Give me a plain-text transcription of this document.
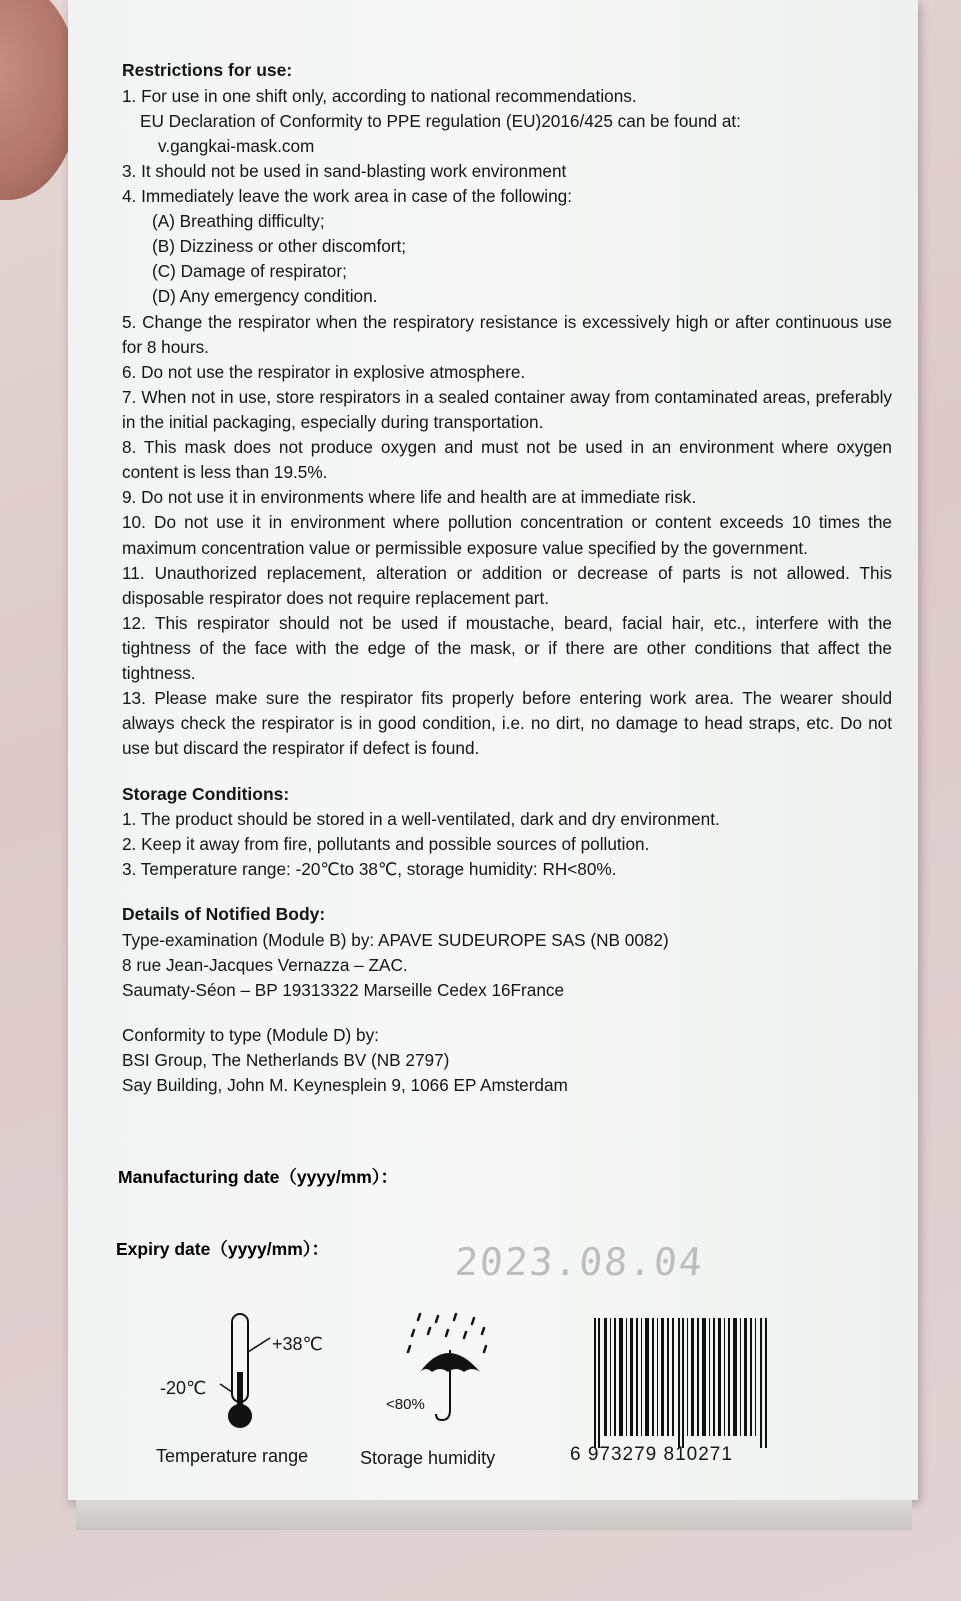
Restrictions for use:

1. For use in one shift only, according to national recommendations.

EU Declaration of Conformity to PPE regulation (EU)2016/425 can be found at:

v.gangkai-mask.com

3. It should not be used in sand-blasting work environment

4. Immediately leave the work area in case of the following:

(A) Breathing difficulty;

(B) Dizziness or other discomfort;

(C) Damage of respirator;

(D) Any emergency condition.

5. Change the respirator when the respiratory resistance is excessively high or after continuous use for 8 hours.

6. Do not use the respirator in explosive atmosphere.

7. When not in use, store respirators in a sealed container away from contaminated areas, preferably in the initial packaging, especially during transportation.

8. This mask does not produce oxygen and must not be used in an environment where oxygen content is less than 19.5%.

9. Do not use it in environments where life and health are at immediate risk.

10. Do not use it in environment where pollution concentration or content exceeds 10 times the maximum concentration value or permissible exposure value specified by the government.

11. Unauthorized replacement, alteration or addition or decrease of parts is not allowed. This disposable respirator does not require replacement part.

12. This respirator should not be used if moustache, beard, facial hair, etc., interfere with the tightness of the face with the edge of the mask, or if there are other conditions that affect the tightness.

13. Please make sure the respirator fits properly before entering work area. The wearer should always check the respirator is in good condition, i.e. no dirt, no damage to head straps, etc. Do not use but discard the respirator if defect is found.

Storage Conditions:

1. The product should be stored in a well-ventilated, dark and dry environment.

2. Keep it away from fire, pollutants and possible sources of pollution.

3. Temperature range: -20℃to 38℃, storage humidity: RH<80%.

Details of Notified Body:

Type-examination (Module B) by: APAVE SUDEUROPE SAS (NB 0082)

8 rue Jean-Jacques Vernazza – ZAC.

Saumaty-Séon – BP 19313322 Marseille Cedex 16France

Conformity to type (Module D) by:

BSI Group, The Netherlands BV (NB 2797)

Say Building, John M. Keynesplein 9, 1066 EP Amsterdam

Manufacturing date（yyyy/mm）：

Expiry date（yyyy/mm）：	2023.08.04
+38℃
-20℃
Temperature range
<80%
Storage humidity	6 973279 810271
